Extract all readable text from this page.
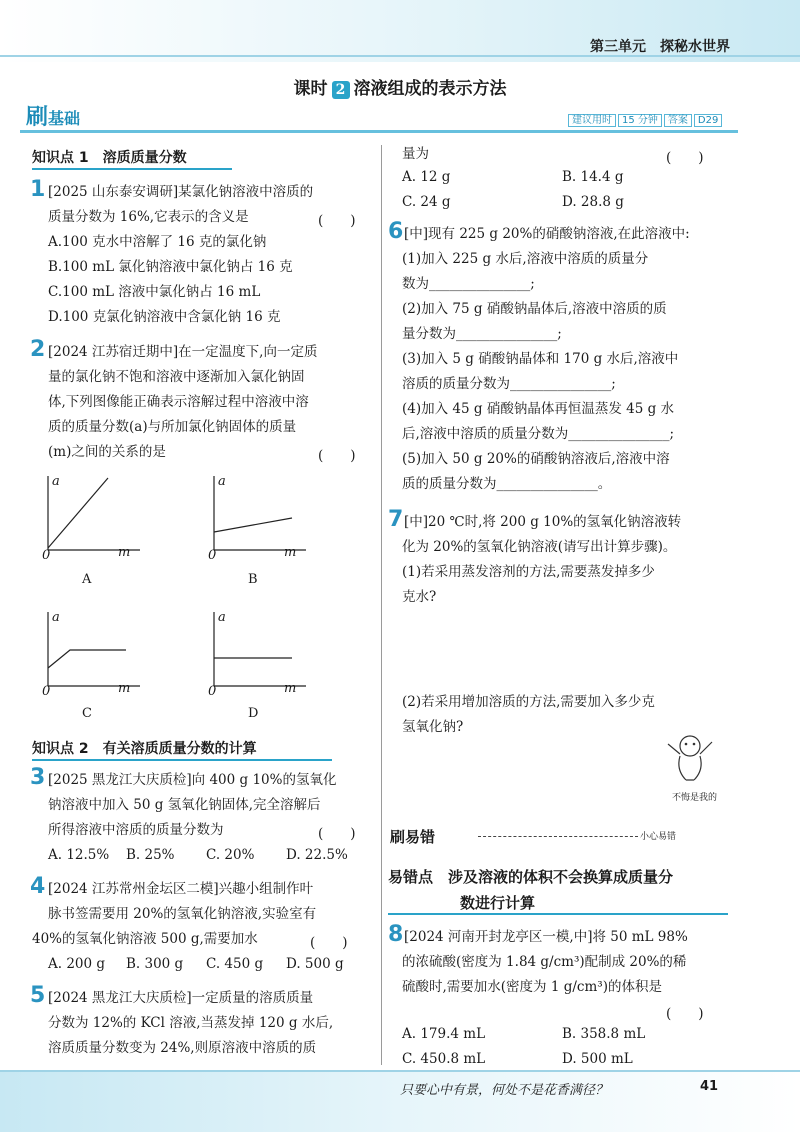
第三单元　探秘水世界
课时 2 溶液组成的表示方法
刷基础	建议用时 15 分钟 答案 D29
知识点 1　溶质质量分数
1 [2025 山东泰安调研]某氯化钠溶液中溶质的
质量分数为 16%,它表示的含义是	(　　)
A.100 克水中溶解了 16 克的氯化钠
B.100 mL 氯化钠溶液中氯化钠占 16 克
C.100 mL 溶液中氯化钠占 16 mL
D.100 克氯化钠溶液中含氯化钠 16 克
2 [2024 江苏宿迁期中]在一定温度下,向一定质
量的氯化钠不饱和溶液中逐渐加入氯化钠固
体,下列图像能正确表示溶解过程中溶液中溶
质的质量分数(a)与所加氯化钠固体的质量
(m)之间的关系的是	(　　)
a
0	m
A
a
0	m
B
a
0	m
C
a
0	m
D
知识点 2　有关溶质质量分数的计算
3 [2025 黑龙江大庆质检]向 400 g 10%的氢氧化
钠溶液中加入 50 g 氢氧化钠固体,完全溶解后
所得溶液中溶质的质量分数为	(　　)
A. 12.5% B. 25% C. 20% D. 22.5%
4 [2024 江苏常州金坛区二模]兴趣小组制作叶
脉书签需要用 20%的氢氧化钠溶液,实验室有
40%的氢氧化钠溶液 500 g,需要加水	(　　)
A. 200 g B. 300 g C. 450 g D. 500 g
5 [2024 黑龙江大庆质检]一定质量的溶质质量
分数为 12%的 KCl 溶液,当蒸发掉 120 g 水后,
溶质质量分数变为 24%,则原溶液中溶质的质
量为	(　　)
A. 12 g	B. 14.4 g
C. 24 g	D. 28.8 g
6 [中]现有 225 g 20%的硝酸钠溶液,在此溶液中:
(1)加入 225 g 水后,溶液中溶质的质量分
数为_______________;
(2)加入 75 g 硝酸钠晶体后,溶液中溶质的质
量分数为_______________;
(3)加入 5 g 硝酸钠晶体和 170 g 水后,溶液中
溶质的质量分数为_______________;
(4)加入 45 g 硝酸钠晶体再恒温蒸发 45 g 水
后,溶液中溶质的质量分数为_______________;
(5)加入 50 g 20%的硝酸钠溶液后,溶液中溶
质的质量分数为_______________。
7 [中]20 ℃时,将 200 g 10%的氢氧化钠溶液转
化为 20%的氢氧化钠溶液(请写出计算步骤)。
(1)若采用蒸发溶剂的方法,需要蒸发掉多少
克水?
(2)若采用增加溶质的方法,需要加入多少克
氢氧化钠?
不悔是我的
刷易错	小心易错
易错点　涉及溶液的体积不会换算成质量分
数进行计算
8 [2024 河南开封龙亭区一模,中]将 50 mL 98%
的浓硫酸(密度为 1.84 g/cm³)配制成 20%的稀
硫酸时,需要加水(密度为 1 g/cm³)的体积是
(　　)
A. 179.4 mL	B. 358.8 mL
C. 450.8 mL	D. 500 mL
只要心中有景，何处不是花香满径？	41
